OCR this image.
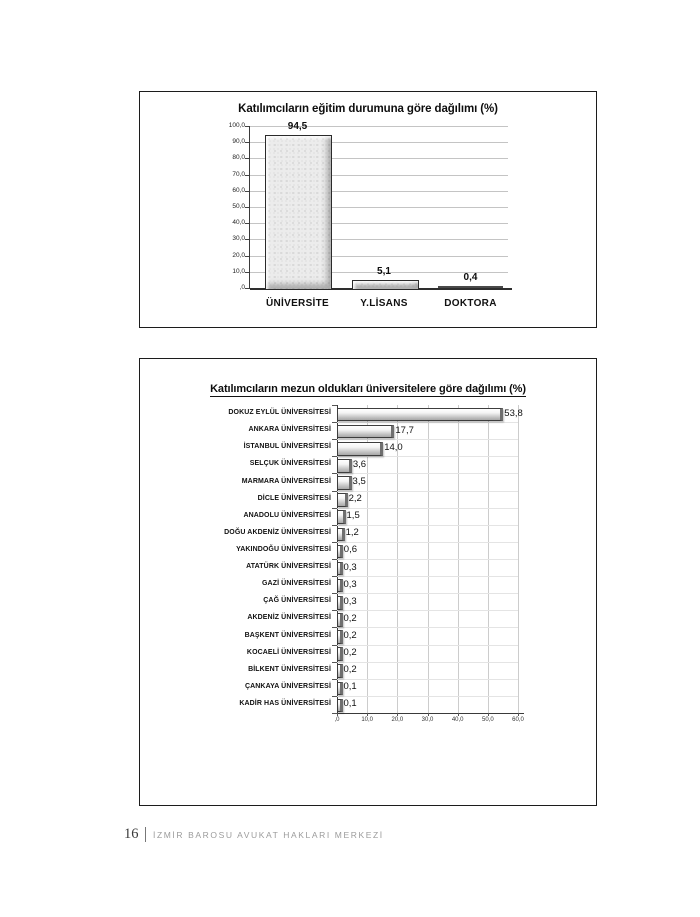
Katılımcıların eğitim durumuna göre dağılımı (%)
100,0
90,0
80,0
70,0
60,0
50,0
40,0
30,0
20,0
10,0
,0
94,5
ÜNİVERSİTE
5,1
Y.LİSANS
0,4
DOKTORA
Katılımcıların mezun oldukları üniversitelere göre dağılımı (%)
,0	10,0	20,0	30,0	40,0	50,0	60,0
53,8
DOKUZ EYLÜL ÜNİVERSİTESİ
17,7
ANKARA ÜNİVERSİTESİ
14,0
İSTANBUL ÜNİVERSİTESİ
3,6
SELÇUK ÜNİVERSİTESİ
3,5
MARMARA ÜNİVERSİTESİ
2,2
DİCLE ÜNİVERSİTESİ
1,5
ANADOLU ÜNİVERSİTESİ
1,2
DOĞU AKDENİZ ÜNİVERSİTESİ
0,6
YAKINDOĞU ÜNİVERSİTESİ
0,3
ATATÜRK ÜNİVERSİTESİ
0,3
GAZİ ÜNİVERSİTESİ
0,3
ÇAĞ ÜNİVERSİTESİ
0,2
AKDENİZ ÜNİVERSİTESİ
0,2
BAŞKENT ÜNİVERSİTESİ
0,2
KOCAELİ ÜNİVERSİTESİ
0,2
BİLKENT ÜNİVERSİTESİ
0,1
ÇANKAYA ÜNİVERSİTESİ
0,1
KADİR HAS ÜNİVERSİTESİ
16 İZMİR BAROSU AVUKAT HAKLARI MERKEZİ
